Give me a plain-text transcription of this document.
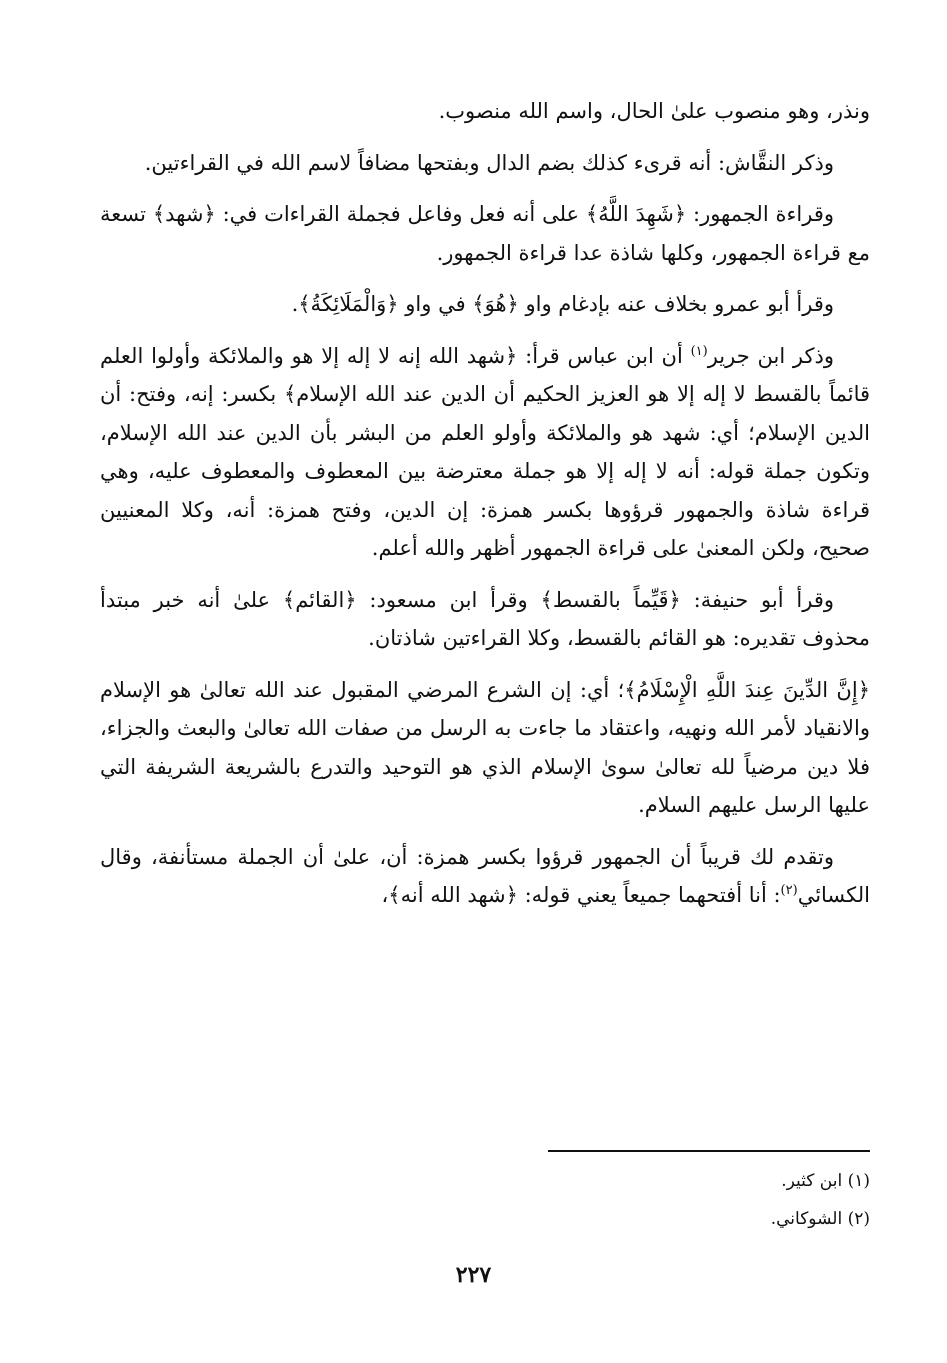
ونذر، وهو منصوب علىٰ الحال، واسم الله منصوب.

وذكر النقَّاش: أنه قرىء كذلك بضم الدال وبفتحها مضافاً لاسم الله في القراءتين.

وقراءة الجمهور: ﴿شَهِدَ اللَّهُ﴾ على أنه فعل وفاعل فجملة القراءات في: ﴿شهد﴾ تسعة مع قراءة الجمهور، وكلها شاذة عدا قراءة الجمهور.

وقرأ أبو عمرو بخلاف عنه بإدغام واو ﴿هُوَ﴾ في واو ﴿وَالْمَلَائِكَةُ﴾.

وذكر ابن جرير$^{(١)}$ أن ابن عباس قرأ: ﴿شهد الله إنه لا إله إلا هو والملائكة وأولوا العلم قائماً بالقسط لا إله إلا هو العزيز الحكيم أن الدين عند الله الإسلام﴾ بكسر: إنه، وفتح: أن الدين الإسلام؛ أي: شهد هو والملائكة وأولو العلم من البشر بأن الدين عند الله الإسلام، وتكون جملة قوله: أنه لا إله إلا هو جملة معترضة بين المعطوف والمعطوف عليه، وهي قراءة شاذة والجمهور قرؤوها بكسر همزة: إن الدين، وفتح همزة: أنه، وكلا المعنيين صحيح، ولكن المعنىٰ على قراءة الجمهور أظهر والله أعلم.

وقرأ أبو حنيفة: ﴿قَيِّماً بالقسط﴾ وقرأ ابن مسعود: ﴿القائم﴾ علىٰ أنه خبر مبتدأ محذوف تقديره: هو القائم بالقسط، وكلا القراءتين شاذتان.

﴿إِنَّ الدِّينَ عِندَ اللَّهِ الْإِسْلَامُ﴾؛ أي: إن الشرع المرضي المقبول عند الله تعالىٰ هو الإسلام والانقياد لأمر الله ونهيه، واعتقاد ما جاءت به الرسل من صفات الله تعالىٰ والبعث والجزاء، فلا دين مرضياً لله تعالىٰ سوىٰ الإسلام الذي هو التوحيد والتدرع بالشريعة الشريفة التي عليها الرسل عليهم السلام.

وتقدم لك قريباً أن الجمهور قرؤوا بكسر همزة: أن، علىٰ أن الجملة مستأنفة، وقال الكسائي$^{(٢)}$: أنا أفتحهما جميعاً يعني قوله: ﴿شهد الله أنه﴾،

(١) ابن كثير.

(٢) الشوكاني.

٢٢٧
